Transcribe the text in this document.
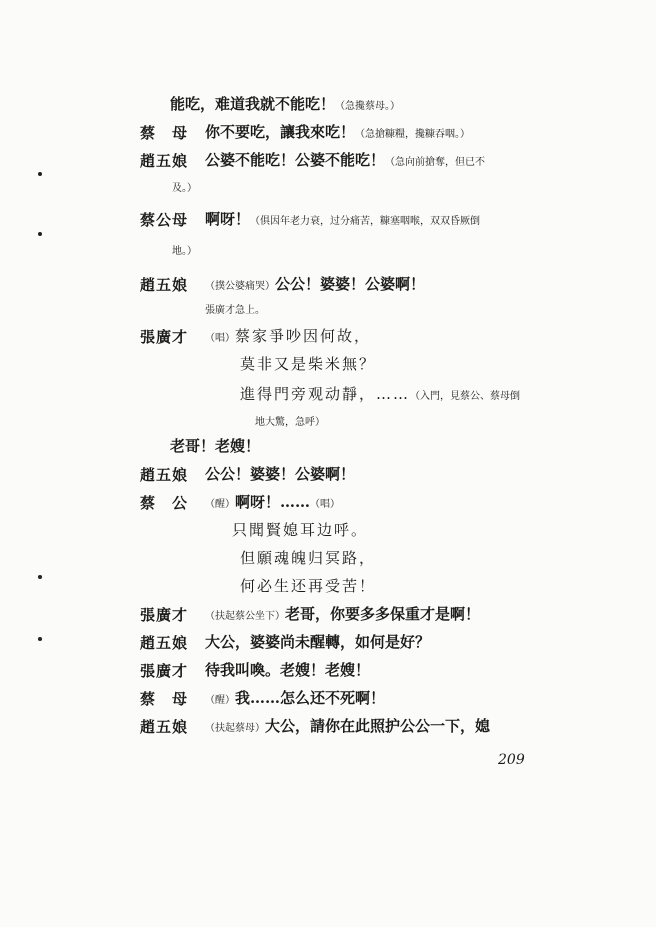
能吃，难道我就不能吃！（急攙蔡母。）
蔡　母 你不要吃，讓我來吃！（急搶糠糧，攙糠吞咽。）
趙五娘 公婆不能吃！公婆不能吃！（急向前搶奪，但已不
及。）
蔡公母 啊呀！（俱因年老力衰，过分痛苦，糠塞咽喉，双双昏厥倒
地。）
趙五娘 （撲公婆痛哭）公公！婆婆！公婆啊！
張廣才急上。
張廣才 （唱）蔡家爭吵因何故，
莫非又是柴米無？
進得門旁观动靜，……（入門，見蔡公、蔡母倒
地大驚，急呼）
老哥！老嫂！
趙五娘 公公！婆婆！公婆啊！
蔡　公 （醒）啊呀！……（唱）
只聞賢媳耳边呼。
但願魂魄归冥路，
何必生还再受苦！
張廣才 （扶起蔡公坐下）老哥，你要多多保重才是啊！
趙五娘 大公，婆婆尚未醒轉，如何是好？
張廣才 待我叫喚。老嫂！老嫂！
蔡　母 （醒）我……怎么还不死啊！
趙五娘 （扶起蔡母）大公，請你在此照护公公一下，媳
209
